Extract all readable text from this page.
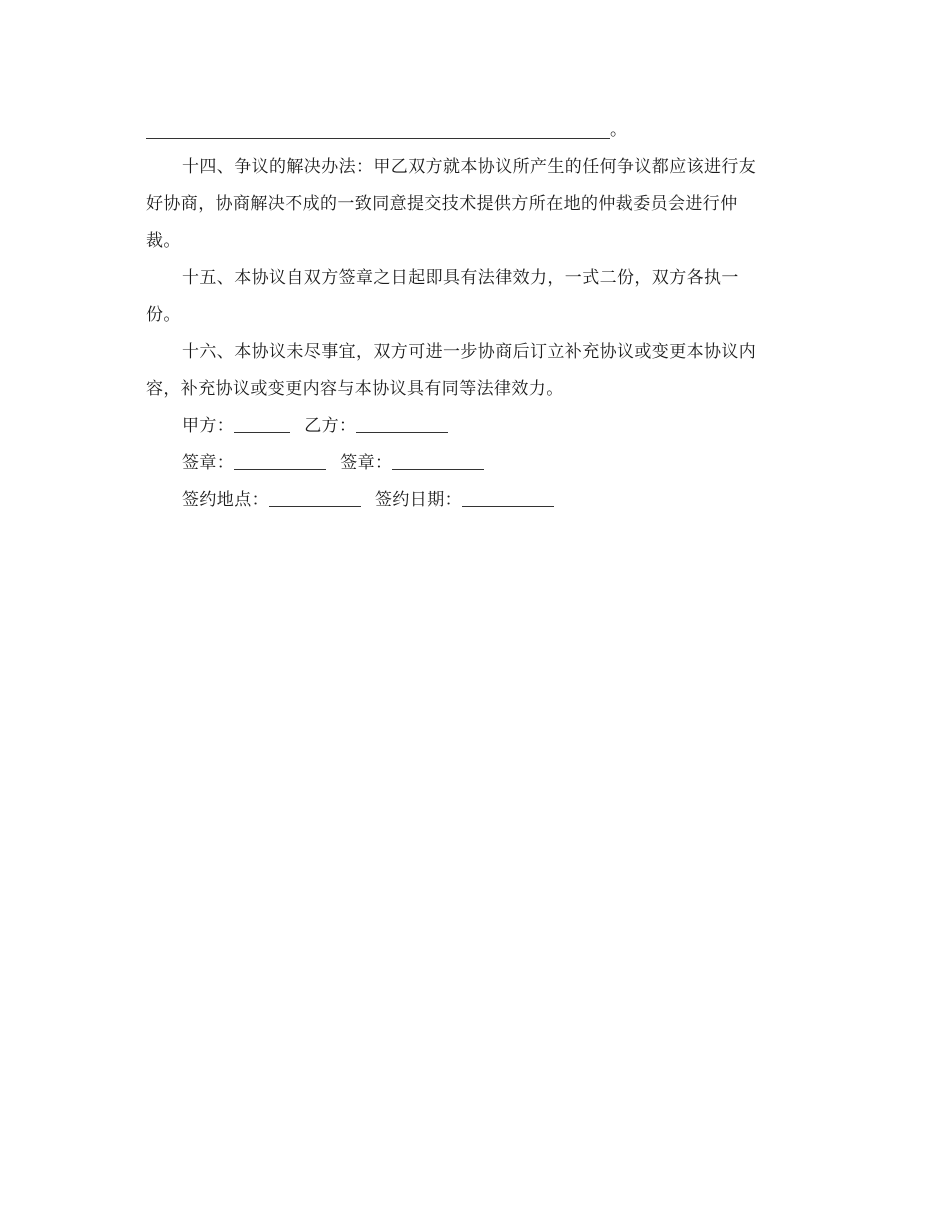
。
十四、争议的解决办法：甲乙双方就本协议所产生的任何争议都应该进行友
好协商，协商解决不成的一致同意提交技术提供方所在地的仲裁委员会进行仲
裁。
十五、本协议自双方签章之日起即具有法律效力，一式二份，双方各执一
份。
十六、本协议未尽事宜，双方可进一步协商后订立补充协议或变更本协议内
容，补充协议或变更内容与本协议具有同等法律效力。
甲方：	乙方：
签章：	签章：
签约地点：	签约日期：
